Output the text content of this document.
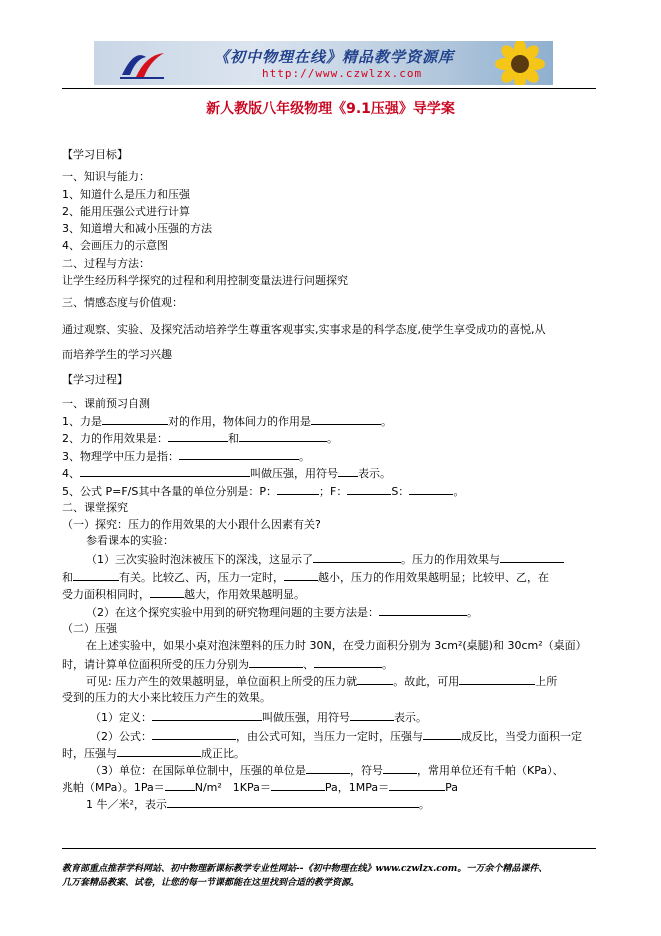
《初中物理在线》精品教学资源库
http://www.czwlzx.com
新人教版八年级物理《9.1压强》导学案
【学习目标】
一、知识与能力：
1、知道什么是压力和压强
2、能用压强公式进行计算
3、知道增大和减小压强的方法
4、会画压力的示意图
二、过程与方法：
让学生经历科学探究的过程和利用控制变量法进行问题探究
三、情感态度与价值观：
通过观察、实验、及探究活动培养学生尊重客观事实,实事求是的科学态度,使学生享受成功的喜悦,从
而培养学生的学习兴趣
【学习过程】
一、课前预习自测
1、力是	对的作用，物体间力的作用是	。
2、力的作用效果是：	和	。
3、物理学中压力是指：	。
4、	叫做压强，用符号 表示。
5、公式 P=F/S其中各量的单位分别是：P：	；F：	S：	。
二、课堂探究
（一）探究：压力的作用效果的大小跟什么因素有关?
参看课本的实验：
（1）三次实验时泡沫被压下的深浅，这显示了	。压力的作用效果与
和	有关。比较乙、丙，压力一定时，	越小，压力的作用效果越明显；比较甲、乙，在
受力面积相同时，	越大，作用效果越明显。
（2）在这个探究实验中用到的研究物理问题的主要方法是：	。
（二）压强
在上述实验中，如果小桌对泡沫塑料的压力时 30N，在受力面积分别为 3cm²(桌腿)和 30cm²（桌面）
时，请计算单位面积所受的压力分别为	、	。
可见: 压力产生的效果越明显，单位面积上所受的压力就	。故此，可用	上所
受到的压力的大小来比较压力产生的效果。
（1）定义：	叫做压强，用符号	表示。
（2）公式：	，由公式可知，当压力一定时，压强与	成反比，当受力面积一定
时，压强与	成正比。
（3）单位：在国际单位制中，压强的单位是	，符号	，常用单位还有千帕（KPa）、
兆帕（MPa）。1Pa＝	N/m²　1KPa＝	Pa，1MPa＝	Pa
1 牛／米²，表示	。
教育部重点推荐学科网站、初中物理新课标教学专业性网站--《初中物理在线》www.czwlzx.com。一万余个精品课件、
几万套精品教案、试卷，让您的每一节课都能在这里找到合适的教学资源。
